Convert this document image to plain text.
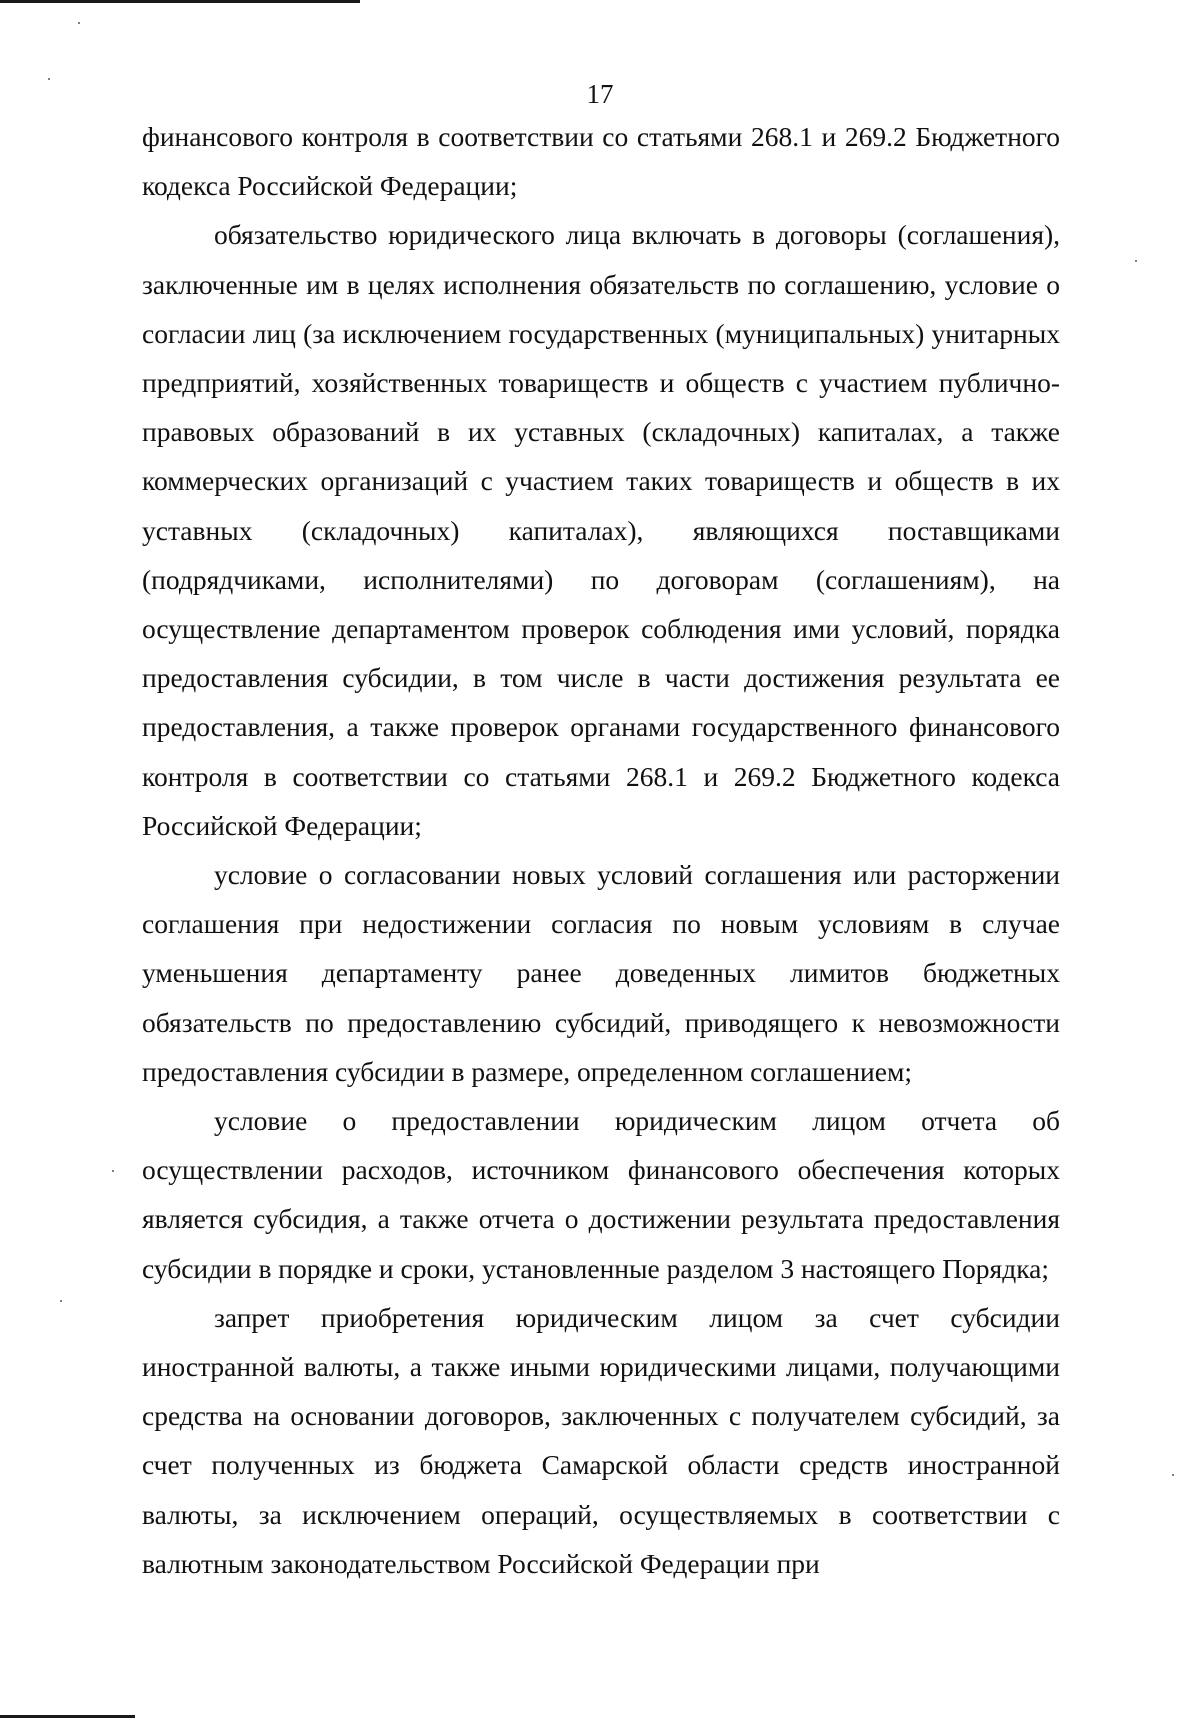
17

финансового контроля в соответствии со статьями 268.1 и 269.2 Бюджетного кодекса Российской Федерации;

обязательство юридического лица включать в договоры (соглашения), заключенные им в целях исполнения обязательств по соглашению, условие о согласии лиц (за исключением государственных (муниципальных) унитарных предприятий, хозяйственных товариществ и обществ с участием публично-правовых образований в их уставных (складочных) капиталах, а также коммерческих организаций с участием таких товариществ и обществ в их уставных (складочных) капиталах), являющихся поставщиками (подрядчиками, исполнителями) по договорам (соглашениям), на осуществление департаментом проверок соблюдения ими условий, порядка предоставления субсидии, в том числе в части достижения результата ее предоставления, а также проверок органами государственного финансового контроля в соответствии со статьями 268.1 и 269.2 Бюджетного кодекса Российской Федерации;

условие о согласовании новых условий соглашения или расторжении соглашения при недостижении согласия по новым условиям в случае уменьшения департаменту ранее доведенных лимитов бюджетных обязательств по предоставлению субсидий, приводящего к невозможности предоставления субсидии в размере, определенном соглашением;

условие о предоставлении юридическим лицом отчета об осуществлении расходов, источником финансового обеспечения которых является субсидия, а также отчета о достижении результата предоставления субсидии в порядке и сроки, установленные разделом 3 настоящего Порядка;

запрет приобретения юридическим лицом за счет субсидии иностранной валюты, а также иными юридическими лицами, получающими средства на основании договоров, заключенных с получателем субсидий, за счет полученных из бюджета Самарской области средств иностранной валюты, за исключением операций, осуществляемых в соответствии с валютным законодательством Российской Федерации при
